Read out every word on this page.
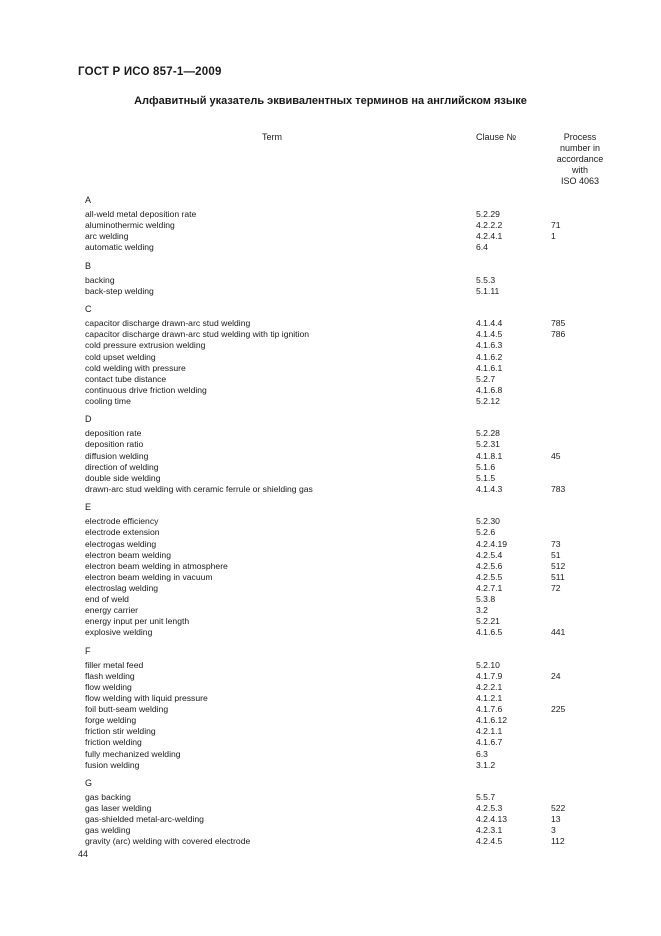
ГОСТ Р ИСО 857-1—2009
Алфавитный указатель эквивалентных терминов на английском языке
Term	Clause №	Process
number in
accordance
with
ISO 4063
A
all-weld metal deposition rate	5.2.29
aluminothermic welding	4.2.2.2	71
arc welding	4.2.4.1	1
automatic welding	6.4
B
backing	5.5.3
back-step welding	5.1.11
C
capacitor discharge drawn-arc stud welding	4.1.4.4	785
capacitor discharge drawn-arc stud welding with tip ignition	4.1.4.5	786
cold pressure extrusion welding	4.1.6.3
cold upset welding	4.1.6.2
cold welding with pressure	4.1.6.1
contact tube distance	5.2.7
continuous drive friction welding	4.1.6.8
cooling time	5.2.12
D
deposition rate	5.2.28
deposition ratio	5.2.31
diffusion welding	4.1.8.1	45
direction of welding	5.1.6
double side welding	5.1.5
drawn-arc stud welding with ceramic ferrule or shielding gas	4.1.4.3	783
E
electrode efficiency	5.2.30
electrode extension	5.2.6
electrogas welding	4.2.4.19	73
electron beam welding	4.2.5.4	51
electron beam welding in atmosphere	4.2.5.6	512
electron beam welding in vacuum	4.2.5.5	511
electroslag welding	4.2.7.1	72
end of weld	5.3.8
energy carrier	3.2
energy input per unit length	5.2.21
explosive welding	4.1.6.5	441
F
filler metal feed	5.2.10
flash welding	4.1.7.9	24
flow welding	4.2.2.1
flow welding with liquid pressure	4.1.2.1
foil butt-seam welding	4.1.7.6	225
forge welding	4.1.6.12
friction stir welding	4.2.1.1
friction welding	4.1.6.7
fully mechanized welding	6.3
fusion welding	3.1.2
G
gas backing	5.5.7
gas laser welding	4.2.5.3	522
gas-shielded metal-arc-welding	4.2.4.13	13
gas welding	4.2.3.1	3
gravity (arc) welding with covered electrode	4.2.4.5	112
44
